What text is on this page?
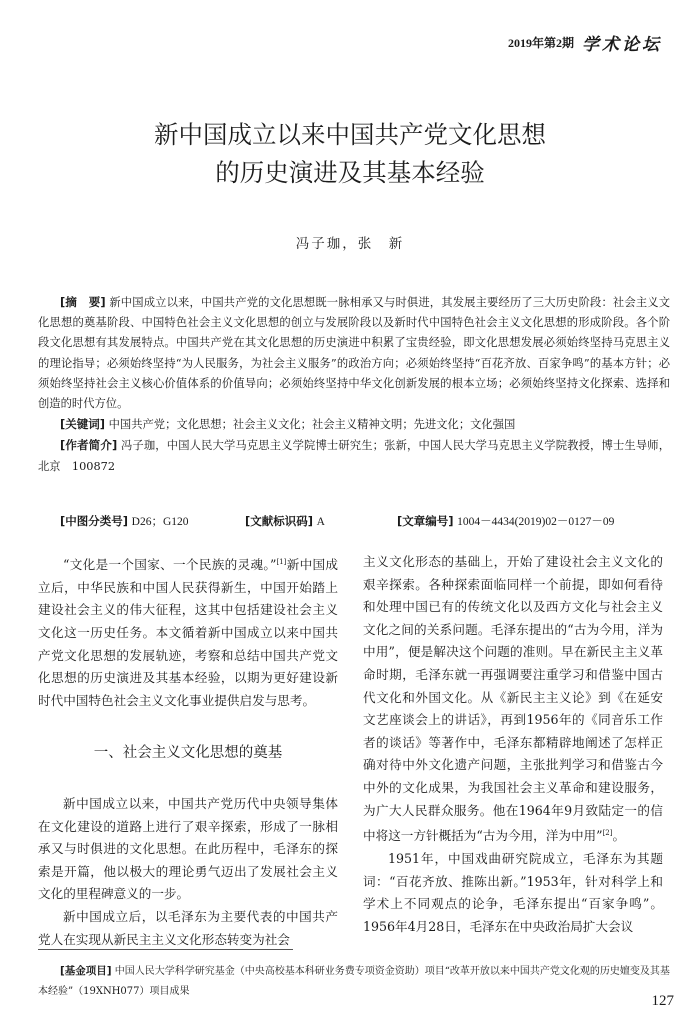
2019年第2期 学术论坛
新中国成立以来中国共产党文化思想
的历史演进及其基本经验
冯子珈，张　新

[摘　要] 新中国成立以来，中国共产党的文化思想既一脉相承又与时俱进，其发展主要经历了三大历史阶段：社会主义文化思想的奠基阶段、中国特色社会主义文化思想的创立与发展阶段以及新时代中国特色社会主义文化思想的形成阶段。各个阶段文化思想有其发展特点。中国共产党在其文化思想的历史演进中积累了宝贵经验，即文化思想发展必须始终坚持马克思主义的理论指导；必须始终坚持“为人民服务，为社会主义服务”的政治方向；必须始终坚持“百花齐放、百家争鸣”的基本方针；必须始终坚持社会主义核心价值体系的价值导向；必须始终坚持中华文化创新发展的根本立场；必须始终坚持文化探索、选择和创造的时代方位。

[关键词] 中国共产党；文化思想；社会主义文化；社会主义精神文明；先进文化；文化强国

[作者简介] 冯子珈，中国人民大学马克思主义学院博士研究生；张新，中国人民大学马克思主义学院教授，博士生导师，北京　100872

[中图分类号] D26；G120	[文献标识码] A	[文章编号] 1004－4434(2019)02－0127－09

“文化是一个国家、一个民族的灵魂。”[1]新中国成立后，中华民族和中国人民获得新生，中国开始踏上建设社会主义的伟大征程，这其中包括建设社会主义文化这一历史任务。本文循着新中国成立以来中国共产党文化思想的发展轨迹，考察和总结中国共产党文化思想的历史演进及其基本经验，以期为更好建设新时代中国特色社会主义文化事业提供启发与思考。

一、社会主义文化思想的奠基

新中国成立以来，中国共产党历代中央领导集体在文化建设的道路上进行了艰辛探索，形成了一脉相承又与时俱进的文化思想。在此历程中，毛泽东的探索是开篇，他以极大的理论勇气迈出了发展社会主义文化的里程碑意义的一步。

新中国成立后，以毛泽东为主要代表的中国共产党人在实现从新民主主义文化形态转变为社会

主义文化形态的基础上，开始了建设社会主义文化的艰辛探索。各种探索面临同样一个前提，即如何看待和处理中国已有的传统文化以及西方文化与社会主义文化之间的关系问题。毛泽东提出的“古为今用，洋为中用”，便是解决这个问题的准则。早在新民主主义革命时期，毛泽东就一再强调要注重学习和借鉴中国古代文化和外国文化。从《新民主主义论》到《在延安文艺座谈会上的讲话》，再到1956年的《同音乐工作者的谈话》等著作中，毛泽东都精辟地阐述了怎样正确对待中外文化遗产问题，主张批判学习和借鉴古今中外的文化成果，为我国社会主义革命和建设服务，为广大人民群众服务。他在1964年9月致陆定一的信中将这一方针概括为“古为今用，洋为中用”[2]。

1951年，中国戏曲研究院成立，毛泽东为其题词：“百花齐放、推陈出新。”1953年，针对科学上和学术上不同观点的论争，毛泽东提出“百家争鸣”。1956年4月28日，毛泽东在中央政治局扩大会议

[基金项目] 中国人民大学科学研究基金（中央高校基本科研业务费专项资金资助）项目“改革开放以来中国共产党文化观的历史嬗变及其基本经验”（19XNH077）项目成果
127
